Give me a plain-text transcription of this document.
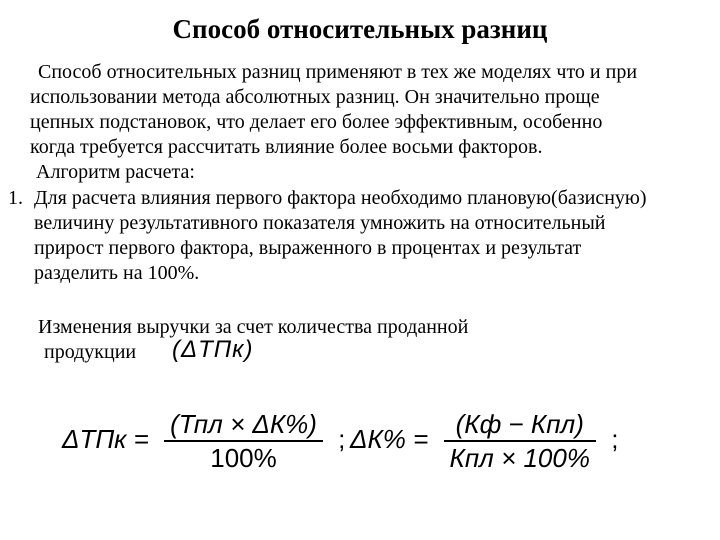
Способ относительных разниц
Способ относительных разниц применяют в тех же моделях что и при
использовании метода абсолютных разниц. Он значительно проще
цепных подстановок, что делает его более эффективным, особенно
когда требуется рассчитать влияние более восьми факторов.
Алгоритм расчета:
1. Для расчета влияния первого фактора необходимо плановую(базисную)
величину результативного показателя умножить на относительный
прирост первого фактора, выраженного в процентах и результат
разделить на 100%.
Изменения выручки за счет количества проданной
продукции	(ΔТПк)
$\Delta ТПк = \frac{\text{(Тпл × ΔК\%)}}{100\%}$ ; $\Delta К\% = \frac{\text{(Кф − Кпл)}}{\text{Кпл × 100\%}}$ ;
